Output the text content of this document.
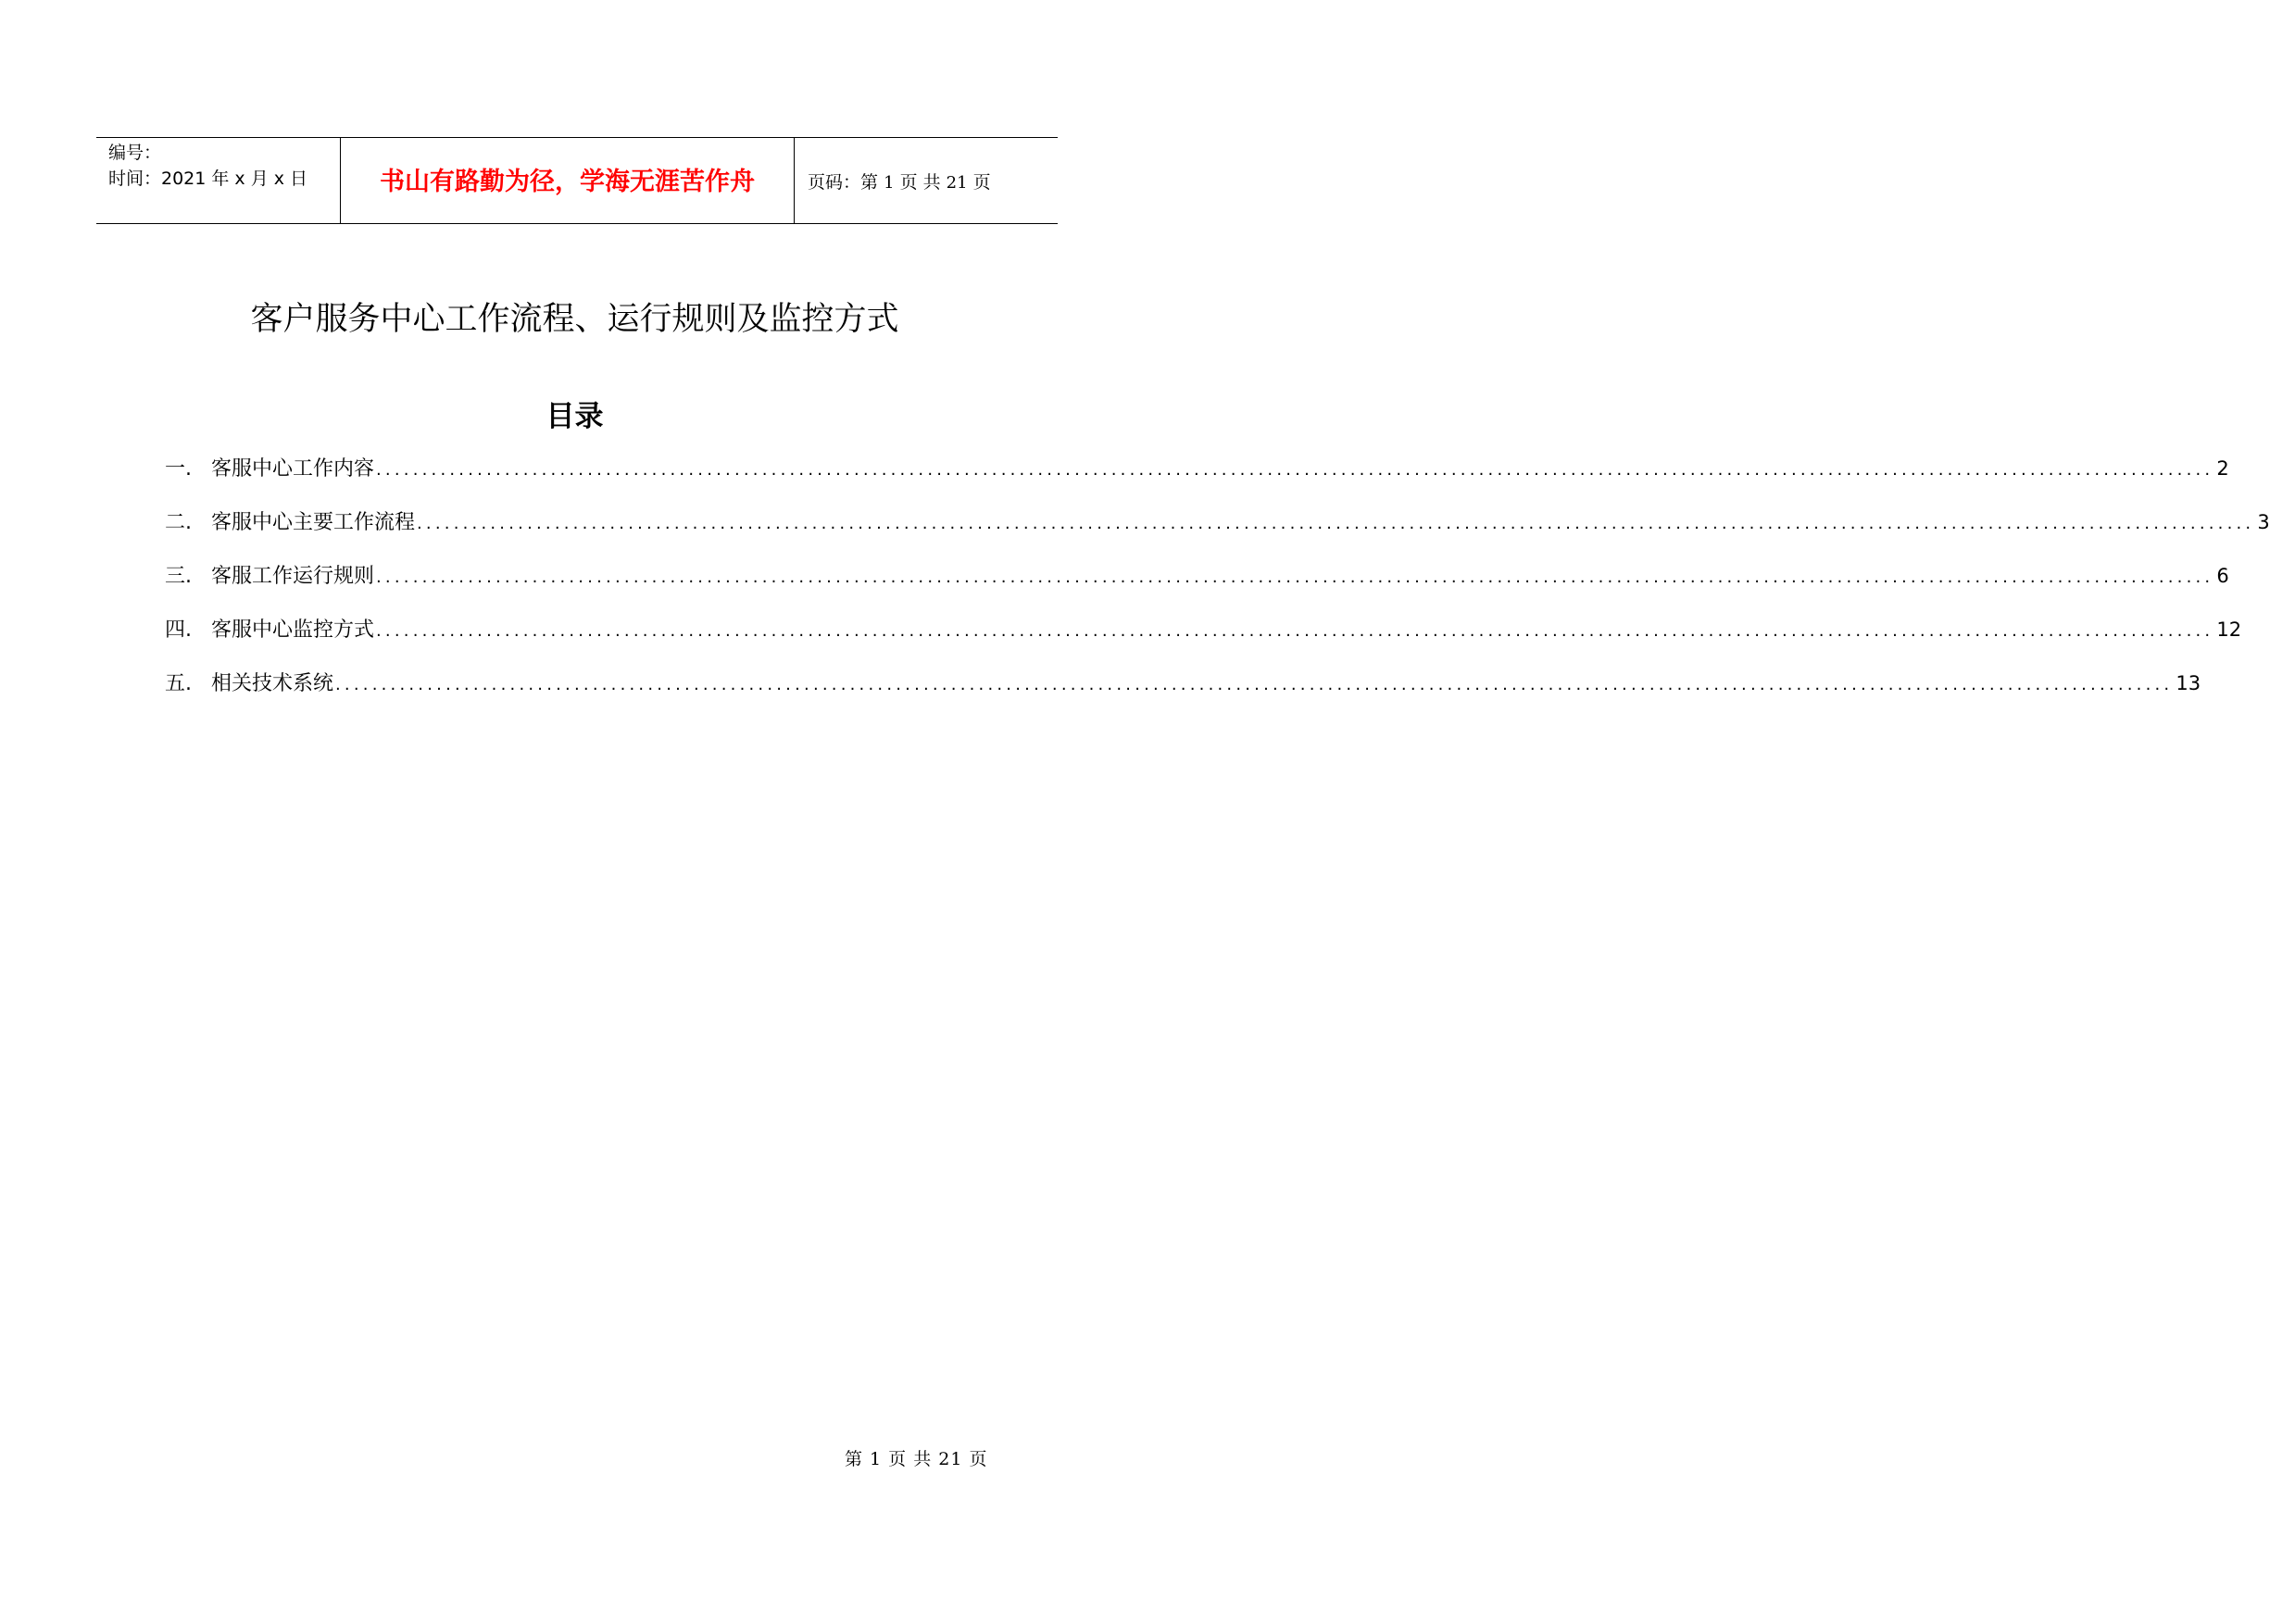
编号：
时间：2021 年 x 月 x 日	书山有路勤为径，学海无涯苦作舟	页码：第 1 页 共 21 页
客户服务中心工作流程、运行规则及监控方式
目录
一. 客服中心工作内容 ........................................................................................................................................................................................................ 2
二. 客服中心主要工作流程 ........................................................................................................................................................................................................ 3
三. 客服工作运行规则 ........................................................................................................................................................................................................ 6
四. 客服中心监控方式 ........................................................................................................................................................................................................ 12
五. 相关技术系统 ........................................................................................................................................................................................................ 13
第 1 页 共 21 页
